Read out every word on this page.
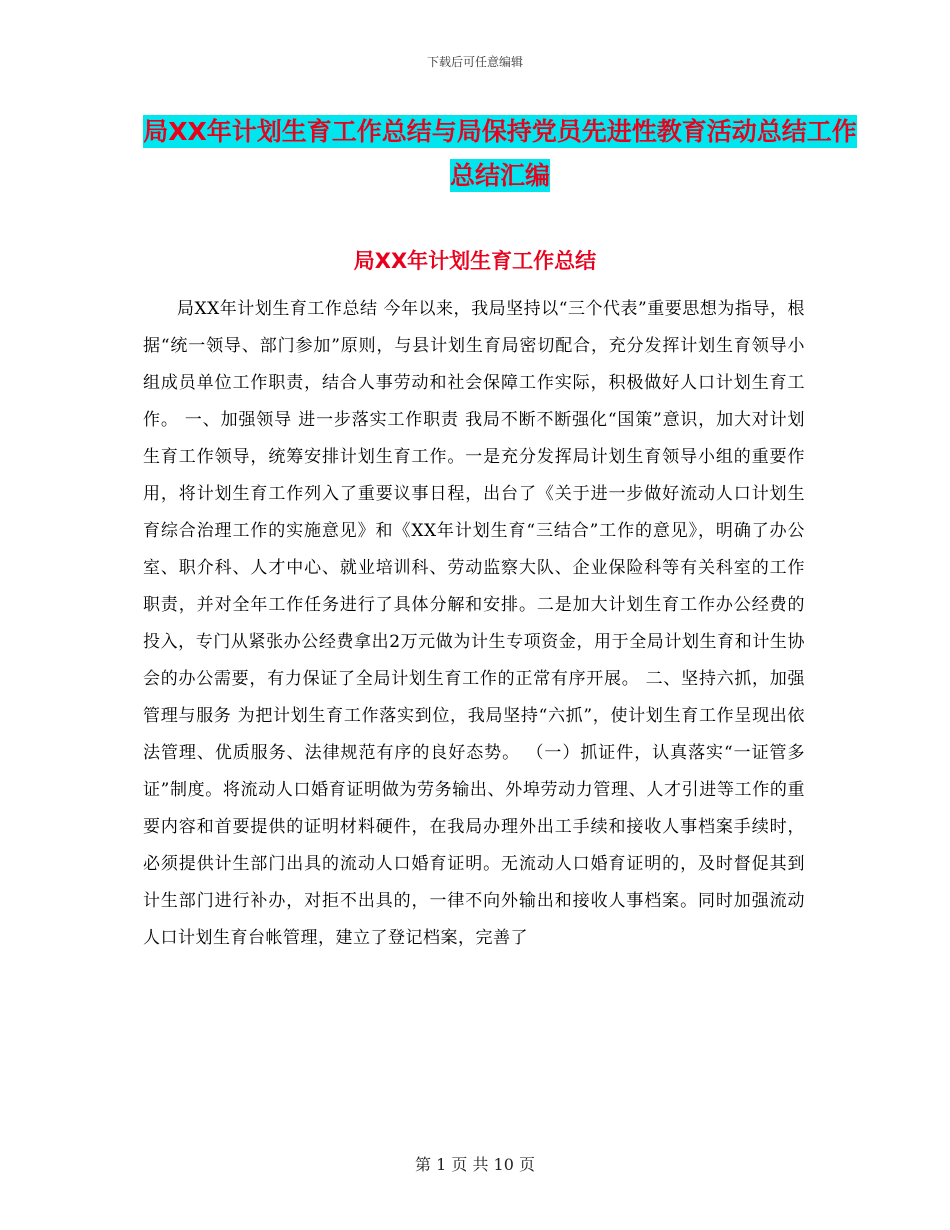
下载后可任意编辑
局XX年计划生育工作总结与局保持党员先进性教育活动总结工作总结汇编
局XX年计划生育工作总结

局XX年计划生育工作总结 今年以来，我局坚持以“三个代表”重要思想为指导，根据“统一领导、部门参加”原则，与县计划生育局密切配合，充分发挥计划生育领导小组成员单位工作职责，结合人事劳动和社会保障工作实际，积极做好人口计划生育工作。 一、加强领导 进一步落实工作职责 我局不断不断强化“国策”意识，加大对计划生育工作领导，统筹安排计划生育工作。一是充分发挥局计划生育领导小组的重要作用，将计划生育工作列入了重要议事日程，出台了《关于进一步做好流动人口计划生育综合治理工作的实施意见》和《XX年计划生育“三结合”工作的意见》，明确了办公室、职介科、人才中心、就业培训科、劳动监察大队、企业保险科等有关科室的工作职责，并对全年工作任务进行了具体分解和安排。二是加大计划生育工作办公经费的投入，专门从紧张办公经费拿出2万元做为计生专项资金，用于全局计划生育和计生协会的办公需要，有力保证了全局计划生育工作的正常有序开展。 二、坚持六抓，加强管理与服务 为把计划生育工作落实到位，我局坚持“六抓”，使计划生育工作呈现出依法管理、优质服务、法律规范有序的良好态势。 （一）抓证件，认真落实“一证管多证”制度。将流动人口婚育证明做为劳务输出、外埠劳动力管理、人才引进等工作的重要内容和首要提供的证明材料硬件，在我局办理外出工手续和接收人事档案手续时，必须提供计生部门出具的流动人口婚育证明。无流动人口婚育证明的，及时督促其到计生部门进行补办，对拒不出具的，一律不向外输出和接收人事档案。同时加强流动人口计划生育台帐管理，建立了登记档案，完善了

第 1 页 共 10 页
